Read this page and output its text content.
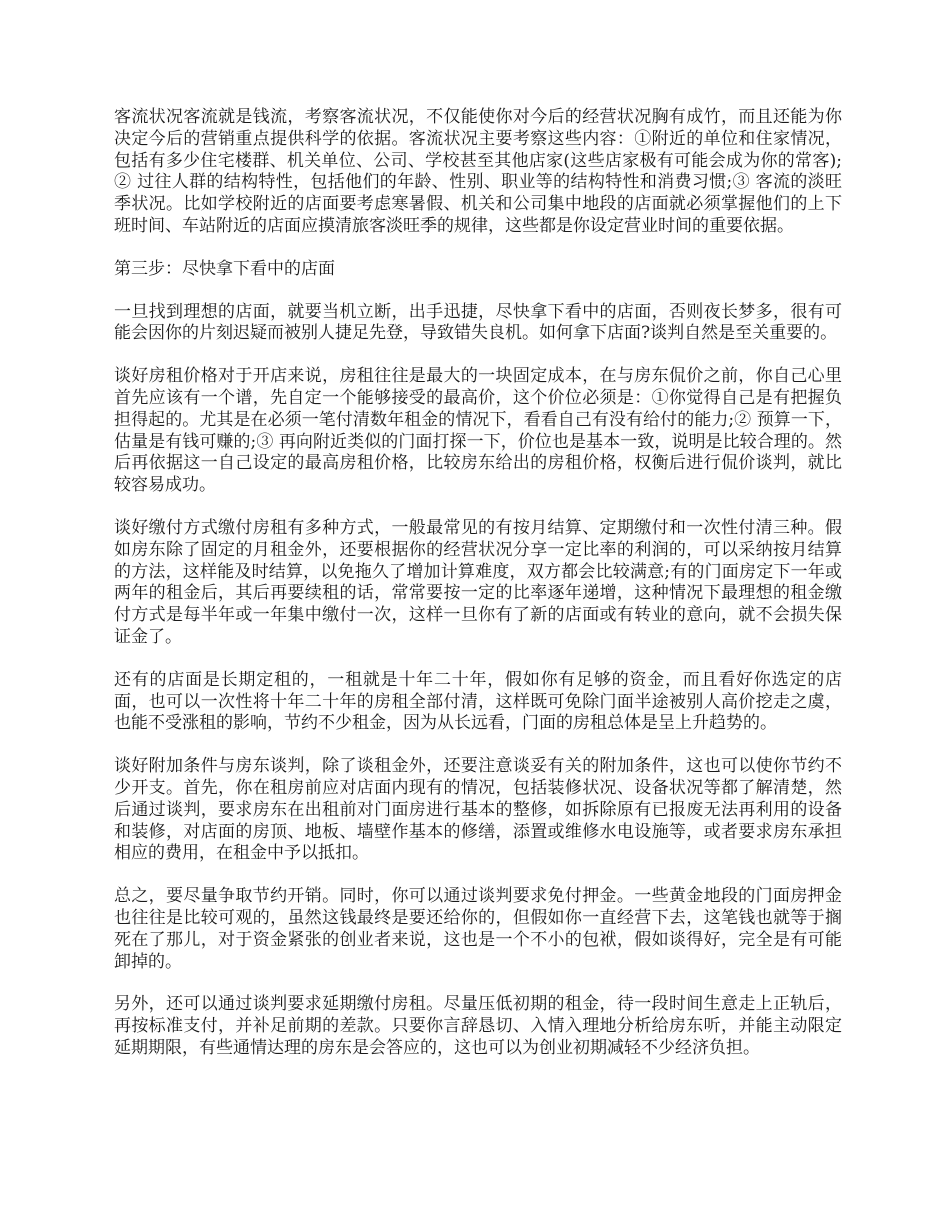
客流状况客流就是钱流，考察客流状况，不仅能使你对今后的经营状况胸有成竹，而且还能为你决定今后的营销重点提供科学的依据。客流状况主要考察这些内容：①附近的单位和住家情况，包括有多少住宅楼群、机关单位、公司、学校甚至其他店家(这些店家极有可能会成为你的常客);② 过往人群的结构特性，包括他们的年龄、性别、职业等的结构特性和消费习惯;③ 客流的淡旺季状况。比如学校附近的店面要考虑寒暑假、机关和公司集中地段的店面就必须掌握他们的上下班时间、车站附近的店面应摸清旅客淡旺季的规律，这些都是你设定营业时间的重要依据。

第三步：尽快拿下看中的店面

一旦找到理想的店面，就要当机立断，出手迅捷，尽快拿下看中的店面，否则夜长梦多，很有可能会因你的片刻迟疑而被别人捷足先登，导致错失良机。如何拿下店面?谈判自然是至关重要的。

谈好房租价格对于开店来说，房租往往是最大的一块固定成本，在与房东侃价之前，你自己心里首先应该有一个谱，先自定一个能够接受的最高价，这个价位必须是：①你觉得自己是有把握负担得起的。尤其是在必须一笔付清数年租金的情况下，看看自己有没有给付的能力;② 预算一下，估量是有钱可赚的;③ 再向附近类似的门面打探一下，价位也是基本一致，说明是比较合理的。然后再依据这一自己设定的最高房租价格，比较房东给出的房租价格，权衡后进行侃价谈判，就比较容易成功。

谈好缴付方式缴付房租有多种方式，一般最常见的有按月结算、定期缴付和一次性付清三种。假如房东除了固定的月租金外，还要根据你的经营状况分享一定比率的利润的，可以采纳按月结算的方法，这样能及时结算，以免拖久了增加计算难度，双方都会比较满意;有的门面房定下一年或两年的租金后，其后再要续租的话，常常要按一定的比率逐年递增，这种情况下最理想的租金缴付方式是每半年或一年集中缴付一次，这样一旦你有了新的店面或有转业的意向，就不会损失保证金了。

还有的店面是长期定租的，一租就是十年二十年，假如你有足够的资金，而且看好你选定的店面，也可以一次性将十年二十年的房租全部付清，这样既可免除门面半途被别人高价挖走之虞，也能不受涨租的影响，节约不少租金，因为从长远看，门面的房租总体是呈上升趋势的。

谈好附加条件与房东谈判，除了谈租金外，还要注意谈妥有关的附加条件，这也可以使你节约不少开支。首先，你在租房前应对店面内现有的情况，包括装修状况、设备状况等都了解清楚，然后通过谈判，要求房东在出租前对门面房进行基本的整修，如拆除原有已报废无法再利用的设备和装修，对店面的房顶、地板、墙壁作基本的修缮，添置或维修水电设施等，或者要求房东承担相应的费用，在租金中予以抵扣。

总之，要尽量争取节约开销。同时，你可以通过谈判要求免付押金。一些黄金地段的门面房押金也往往是比较可观的，虽然这钱最终是要还给你的，但假如你一直经营下去，这笔钱也就等于搁死在了那儿，对于资金紧张的创业者来说，这也是一个不小的包袱，假如谈得好，完全是有可能卸掉的。

另外，还可以通过谈判要求延期缴付房租。尽量压低初期的租金，待一段时间生意走上正轨后，再按标准支付，并补足前期的差款。只要你言辞恳切、入情入理地分析给房东听，并能主动限定延期期限，有些通情达理的房东是会答应的，这也可以为创业初期减轻不少经济负担。
